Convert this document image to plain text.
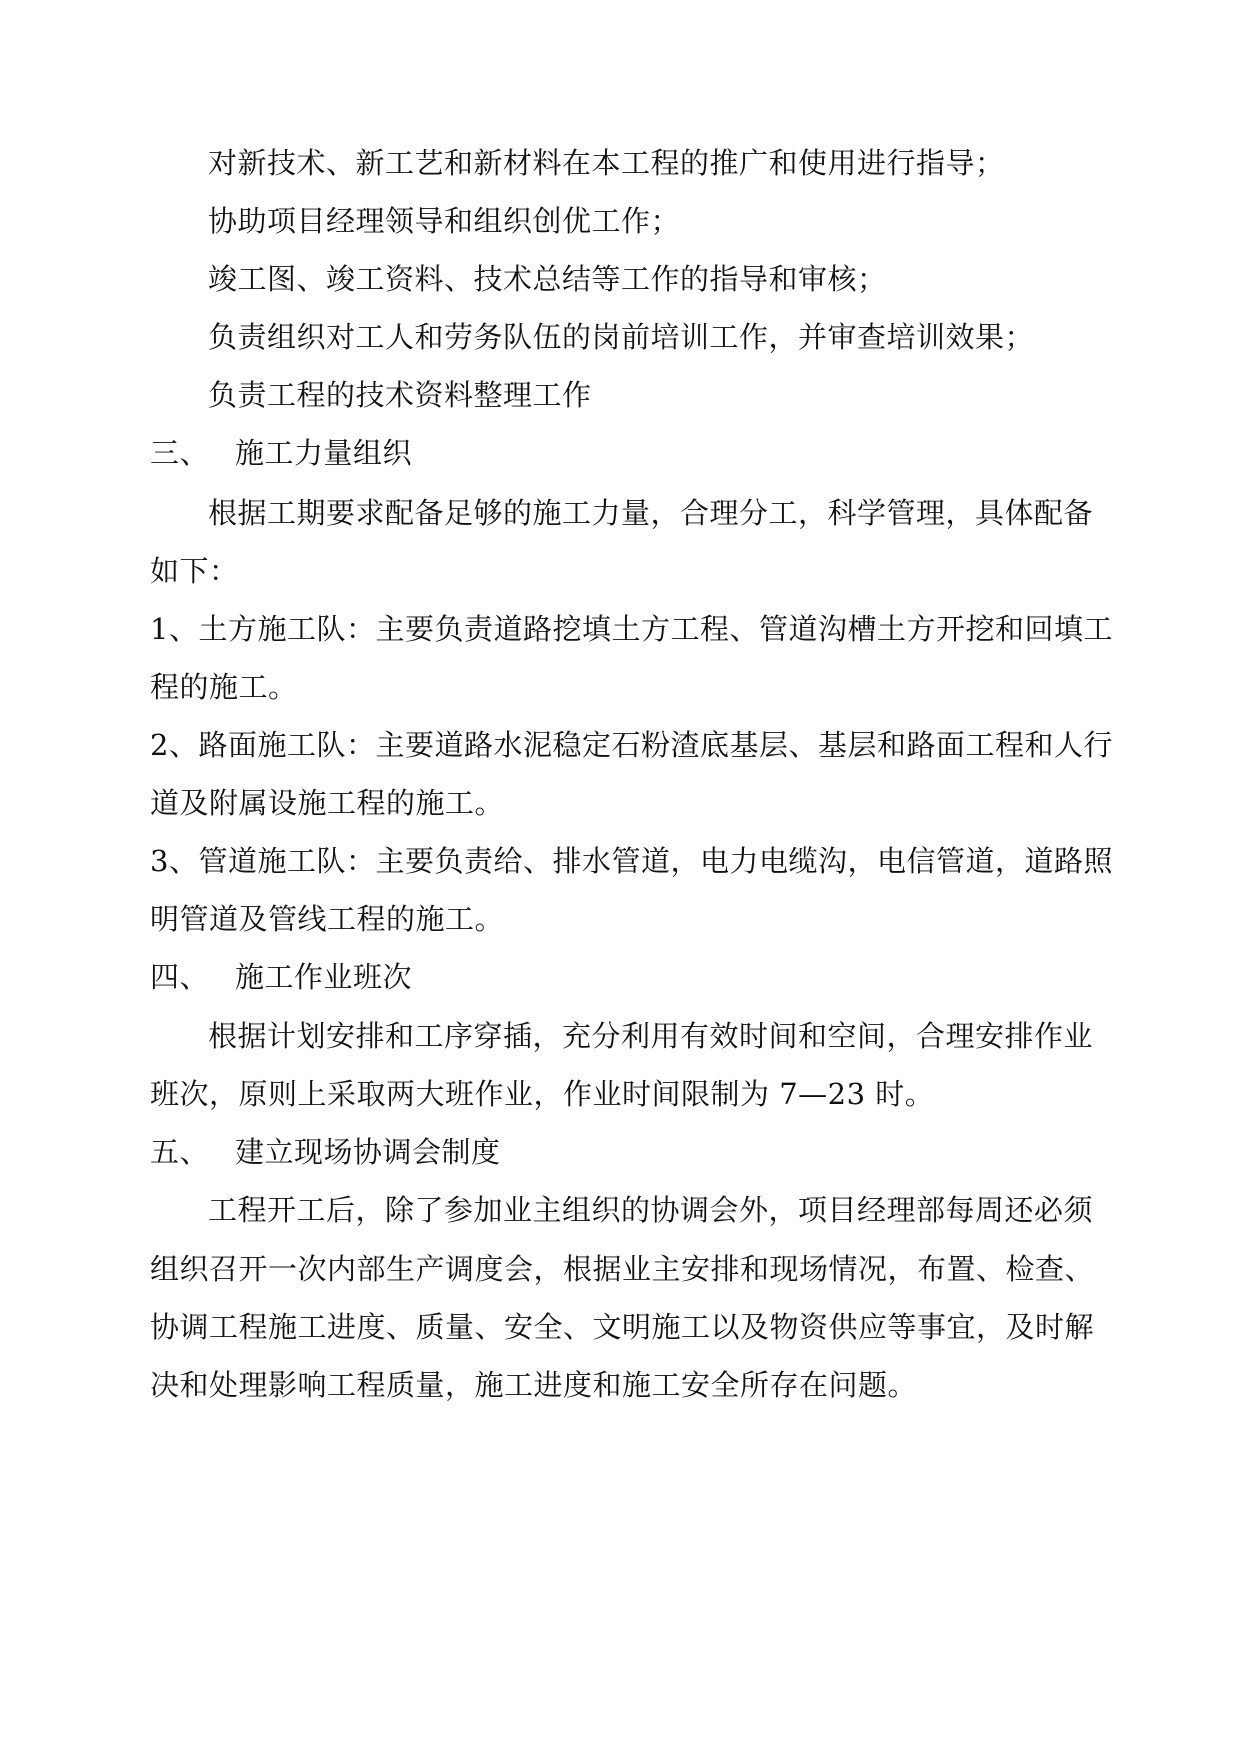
对新技术、新工艺和新材料在本工程的推广和使用进行指导；
协助项目经理领导和组织创优工作；
竣工图、竣工资料、技术总结等工作的指导和审核；
负责组织对工人和劳务队伍的岗前培训工作，并审查培训效果；
负责工程的技术资料整理工作
三、 施工力量组织
根据工期要求配备足够的施工力量，合理分工，科学管理，具体配备
如下：
1、土方施工队：主要负责道路挖填土方工程、管道沟槽土方开挖和回填工
程的施工。
2、路面施工队：主要道路水泥稳定石粉渣底基层、基层和路面工程和人行
道及附属设施工程的施工。
3、管道施工队：主要负责给、排水管道，电力电缆沟，电信管道，道路照
明管道及管线工程的施工。
四、 施工作业班次
根据计划安排和工序穿插，充分利用有效时间和空间，合理安排作业
班次，原则上采取两大班作业，作业时间限制为 7—23 时。
五、 建立现场协调会制度
工程开工后，除了参加业主组织的协调会外，项目经理部每周还必须
组织召开一次内部生产调度会，根据业主安排和现场情况，布置、检查、
协调工程施工进度、质量、安全、文明施工以及物资供应等事宜，及时解
决和处理影响工程质量，施工进度和施工安全所存在问题。
